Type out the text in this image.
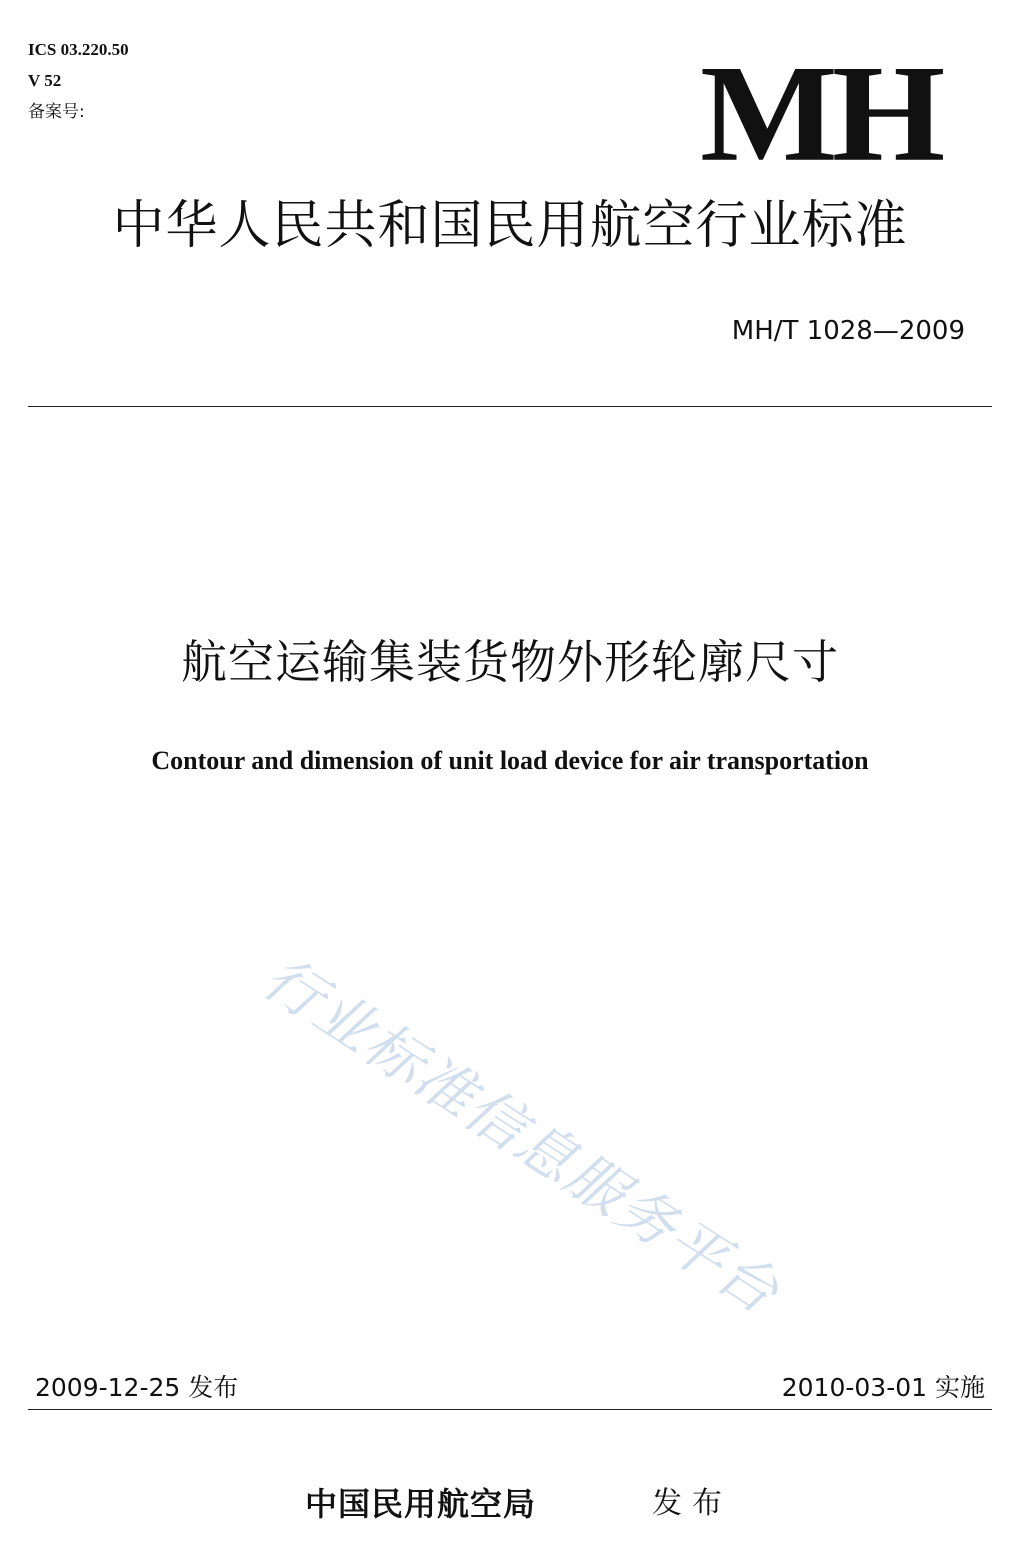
ICS 03.220.50
V 52
备案号:	MH
中华人民共和国民用航空行业标准
MH/T 1028—2009
航空运输集装货物外形轮廓尺寸
Contour and dimension of unit load device for air transportation
行业标准信息服务平台
2009-12-25 发布	2010-03-01 实施
中国民用航空局	发布
